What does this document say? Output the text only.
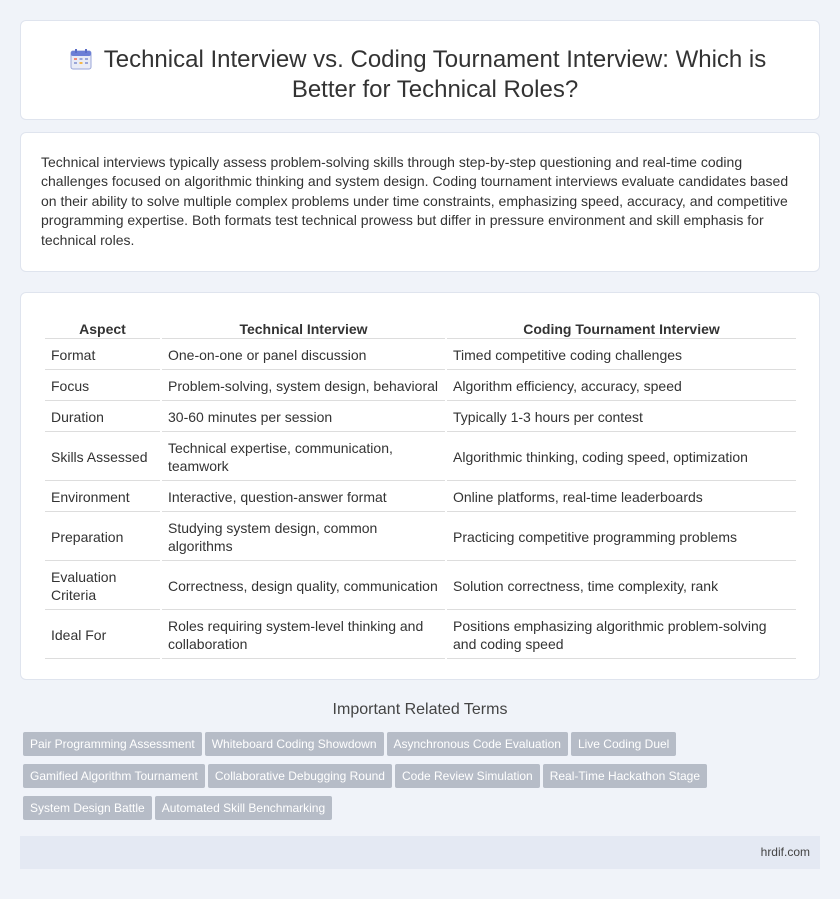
Technical Interview vs. Coding Tournament Interview: Which is Better for Technical Roles?

Technical interviews typically assess problem-solving skills through step-by-step questioning and real-time coding challenges focused on algorithmic thinking and system design. Coding tournament interviews evaluate candidates based on their ability to solve multiple complex problems under time constraints, emphasizing speed, accuracy, and competitive programming expertise. Both formats test technical prowess but differ in pressure environment and skill emphasis for technical roles.

Aspect	Technical Interview	Coding Tournament Interview
Format	One-on-one or panel discussion	Timed competitive coding challenges
Focus	Problem-solving, system design, behavioral	Algorithm efficiency, accuracy, speed
Duration	30-60 minutes per session	Typically 1-3 hours per contest
Skills Assessed	Technical expertise, communication, teamwork	Algorithmic thinking, coding speed, optimization
Environment	Interactive, question-answer format	Online platforms, real-time leaderboards
Preparation	Studying system design, common algorithms	Practicing competitive programming problems
Evaluation Criteria	Correctness, design quality, communication	Solution correctness, time complexity, rank
Ideal For	Roles requiring system-level thinking and collaboration	Positions emphasizing algorithmic problem-solving and coding speed
Important Related Terms
Pair Programming Assessment Whiteboard Coding Showdown Asynchronous Code Evaluation Live Coding Duel
Gamified Algorithm Tournament Collaborative Debugging Round Code Review Simulation Real-Time Hackathon Stage
System Design Battle Automated Skill Benchmarking
hrdif.com
